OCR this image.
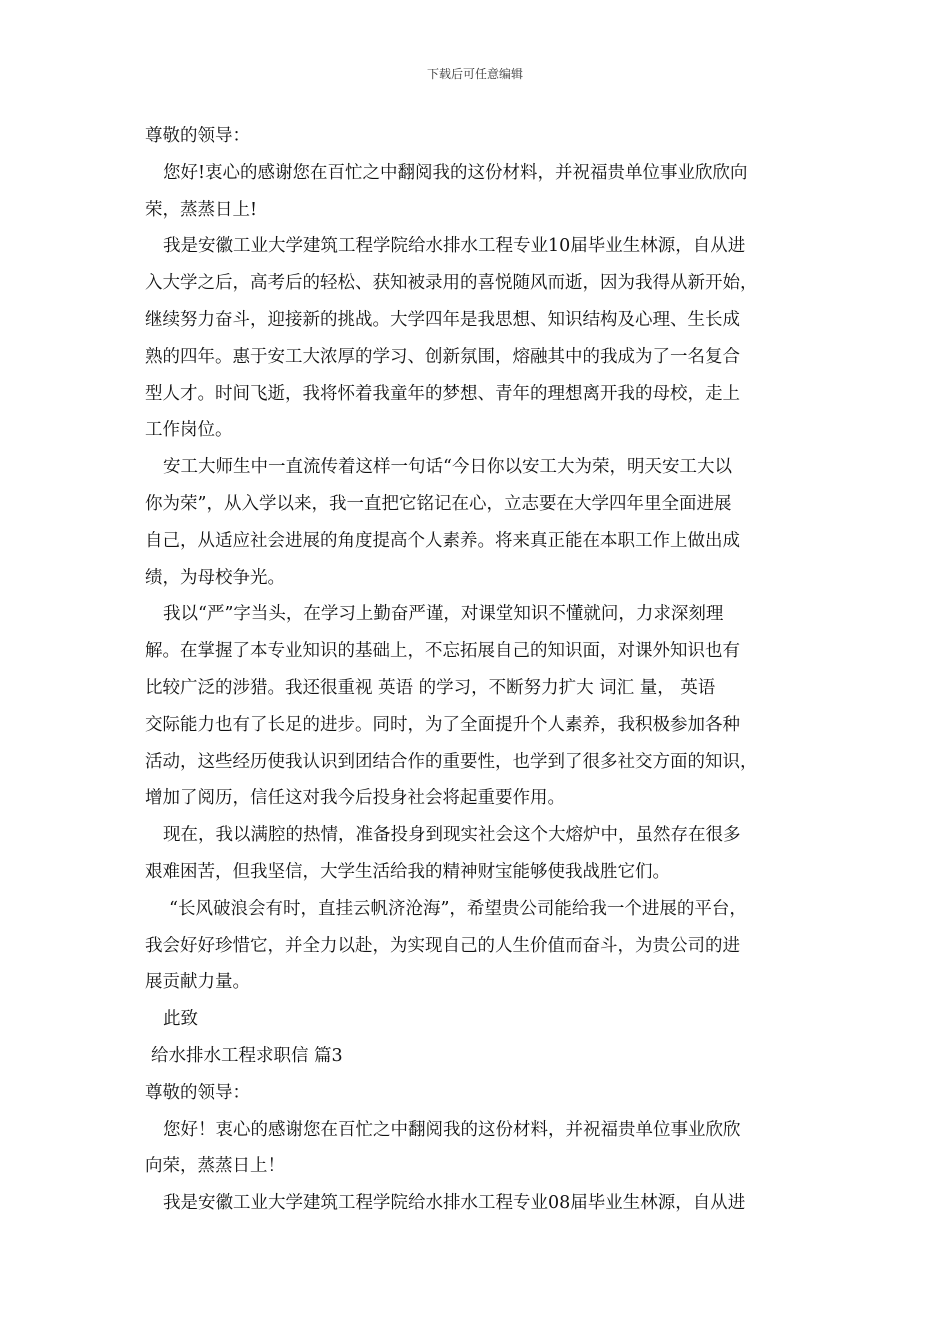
下载后可任意编辑
尊敬的领导：
您好!衷心的感谢您在百忙之中翻阅我的这份材料，并祝福贵单位事业欣欣向
荣，蒸蒸日上!
我是安徽工业大学建筑工程学院给水排水工程专业10届毕业生林源，自从进
入大学之后，高考后的轻松、获知被录用的喜悦随风而逝，因为我得从新开始，
继续努力奋斗，迎接新的挑战。大学四年是我思想、知识结构及心理、生长成
熟的四年。惠于安工大浓厚的学习、创新氛围，熔融其中的我成为了一名复合
型人才。时间飞逝，我将怀着我童年的梦想、青年的理想离开我的母校，走上
工作岗位。
安工大师生中一直流传着这样一句话“今日你以安工大为荣，明天安工大以
你为荣”，从入学以来，我一直把它铭记在心，立志要在大学四年里全面进展
自己，从适应社会进展的角度提高个人素养。将来真正能在本职工作上做出成
绩，为母校争光。
我以“严”字当头，在学习上勤奋严谨，对课堂知识不懂就问，力求深刻理
解。在掌握了本专业知识的基础上，不忘拓展自己的知识面，对课外知识也有
比较广泛的涉猎。我还很重视 英语 的学习，不断努力扩大 词汇 量， 英语
交际能力也有了长足的进步。同时，为了全面提升个人素养，我积极参加各种
活动，这些经历使我认识到团结合作的重要性，也学到了很多社交方面的知识，
增加了阅历，信任这对我今后投身社会将起重要作用。
现在，我以满腔的热情，准备投身到现实社会这个大熔炉中，虽然存在很多
艰难困苦，但我坚信，大学生活给我的精神财宝能够使我战胜它们。
“长风破浪会有时，直挂云帆济沧海”，希望贵公司能给我一个进展的平台，
我会好好珍惜它，并全力以赴，为实现自己的人生价值而奋斗，为贵公司的进
展贡献力量。
此致
给水排水工程求职信 篇3
尊敬的领导：
您好！衷心的感谢您在百忙之中翻阅我的这份材料，并祝福贵单位事业欣欣
向荣，蒸蒸日上！
我是安徽工业大学建筑工程学院给水排水工程专业08届毕业生林源，自从进
